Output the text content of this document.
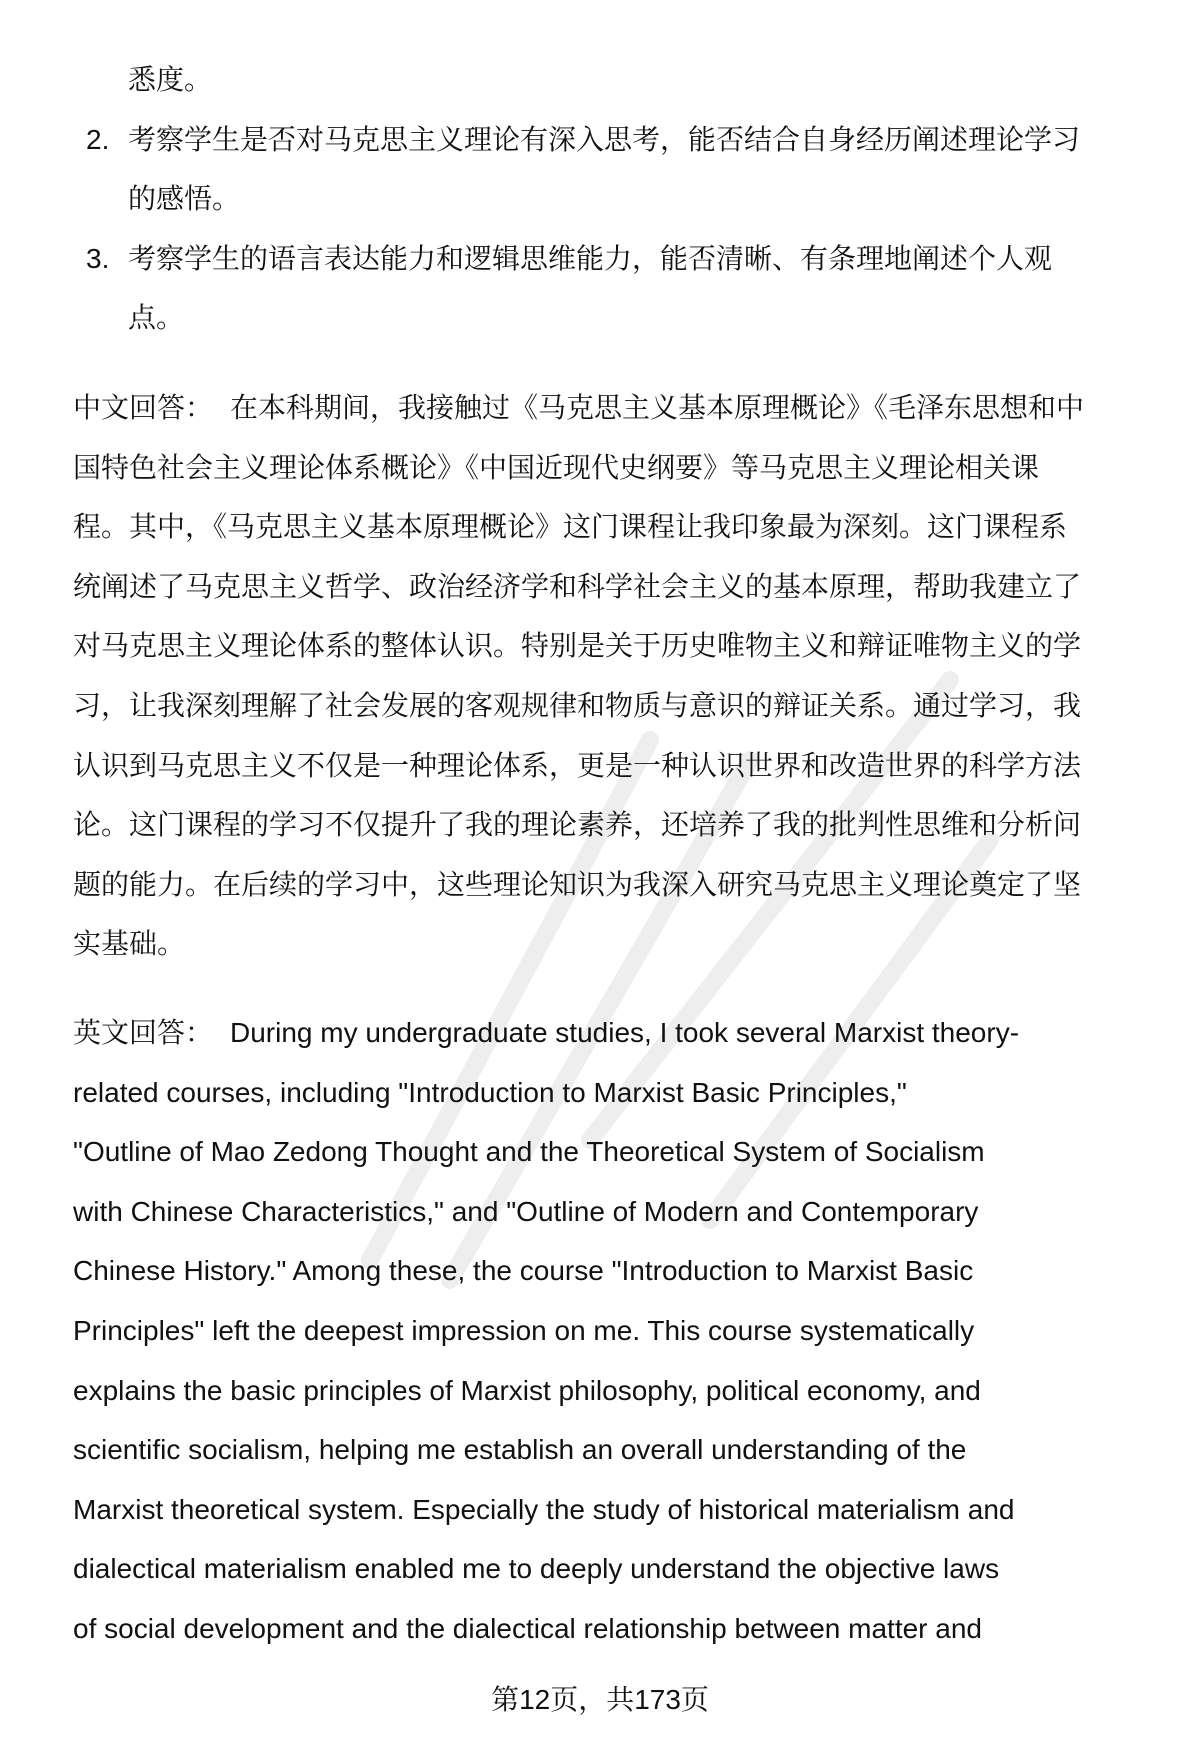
悉度。
2. 考察学生是否对马克思主义理论有深入思考，能否结合自身经历阐述理论学习
的感悟。
3. 考察学生的语言表达能力和逻辑思维能力，能否清晰、有条理地阐述个人观
点。
中文回答： 在本科期间，我接触过《马克思主义基本原理概论》《毛泽东思想和中
国特色社会主义理论体系概论》《中国近现代史纲要》等马克思主义理论相关课
程。其中，《马克思主义基本原理概论》这门课程让我印象最为深刻。这门课程系
统阐述了马克思主义哲学、政治经济学和科学社会主义的基本原理，帮助我建立了
对马克思主义理论体系的整体认识。特别是关于历史唯物主义和辩证唯物主义的学
习，让我深刻理解了社会发展的客观规律和物质与意识的辩证关系。通过学习，我
认识到马克思主义不仅是一种理论体系，更是一种认识世界和改造世界的科学方法
论。这门课程的学习不仅提升了我的理论素养，还培养了我的批判性思维和分析问
题的能力。在后续的学习中，这些理论知识为我深入研究马克思主义理论奠定了坚
实基础。
英文回答： During my undergraduate studies, I took several Marxist theory-
related courses, including "Introduction to Marxist Basic Principles,"
"Outline of Mao Zedong Thought and the Theoretical System of Socialism
with Chinese Characteristics," and "Outline of Modern and Contemporary
Chinese History." Among these, the course "Introduction to Marxist Basic
Principles" left the deepest impression on me. This course systematically
explains the basic principles of Marxist philosophy, political economy, and
scientific socialism, helping me establish an overall understanding of the
Marxist theoretical system. Especially the study of historical materialism and
dialectical materialism enabled me to deeply understand the objective laws
of social development and the dialectical relationship between matter and
第12页，共173页
